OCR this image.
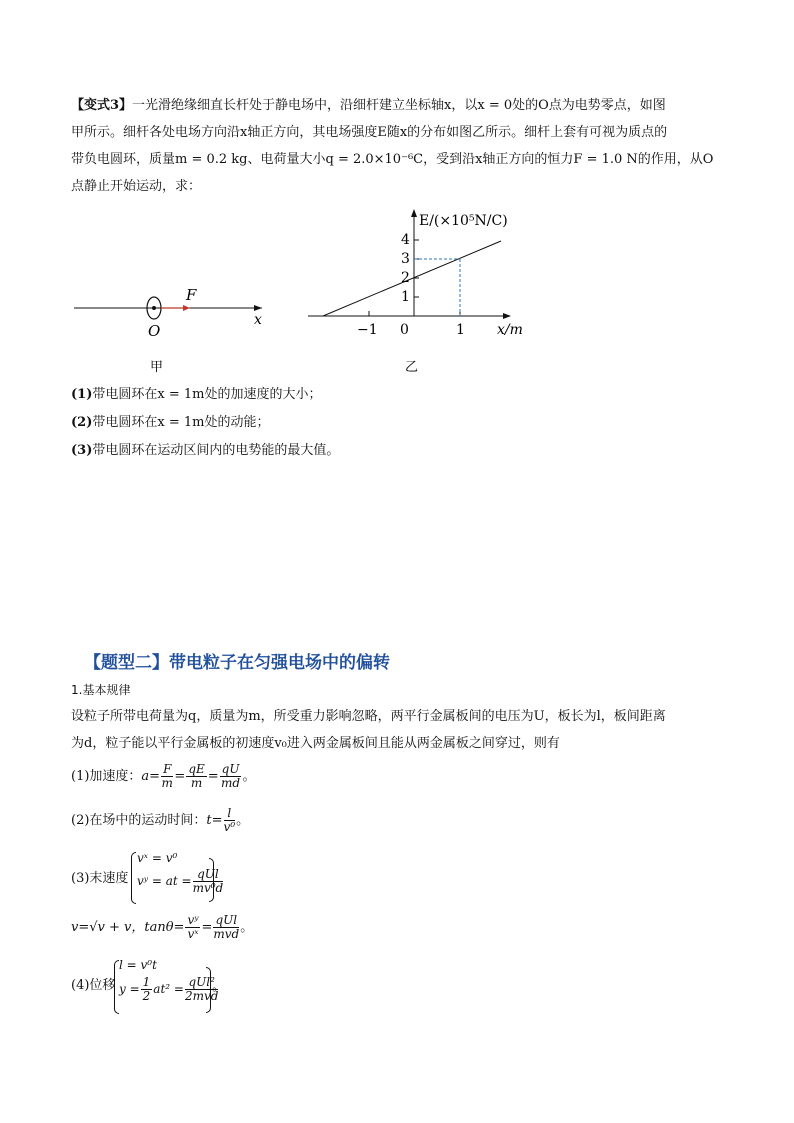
【变式3】一光滑绝缘细直长杆处于静电场中，沿细杆建立坐标轴x，以x = 0处的O点为电势零点，如图
甲所示。细杆各处电场方向沿x轴正方向，其电场强度E随x的分布如图乙所示。细杆上套有可视为质点的
带负电圆环，质量m = 0.2 kg、电荷量大小q = 2.0×10⁻⁶C，受到沿x轴正方向的恒力F = 1.0 N的作用，从O
点静止开始运动，求：
F
O
x
甲
E/(×10⁵N/C)
4
3
2
1
−1 0	1 x/m
乙
(1)带电圆环在x = 1m处的加速度的大小；
(2)带电圆环在x = 1m处的动能；
(3)带电圆环在运动区间内的电势能的最大值。
【题型二】带电粒子在匀强电场中的偏转
1.基本规律
设粒子所带电荷量为q，质量为m，所受重力影响忽略，两平行金属板间的电压为U，板长为l，板间距离
为d，粒子能以平行金属板的初速度v₀进入两金属板间且能从两金属板之间穿过，则有
(1)加速度：$a= \frac{F}{m} = \frac{qE}{m} = \frac{qU}{md}$ 。
(2)在场中的运动时间：$t= \frac{l}{\text{v⁰}}$ 。
(3)末速度
vˣ = v⁰
vʸ = at = $\frac{\text{qUl}}{\text{mv⁰d}}$
v=√v + v，$\tan\theta= \frac{\text{vʸ}}{\text{vˣ}} = \frac{\text{qUl}}{\text{mvd}}$ 。
(4)位移
l = v⁰t
$y = \frac{1}{2} at^2 = \frac{\text{qUl²}}{\text{2mvd}}$
。
